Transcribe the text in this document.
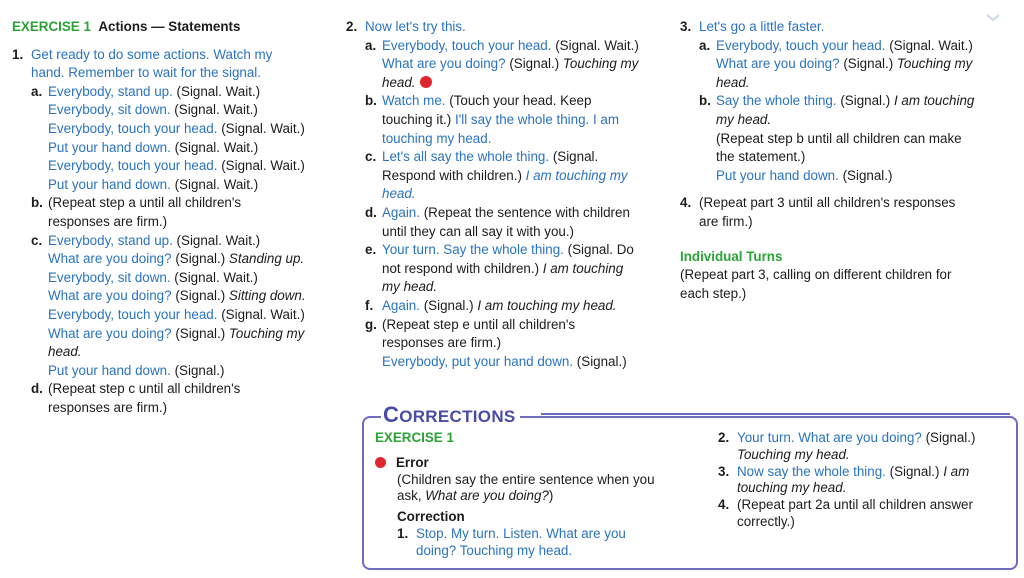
EXERCISE 1 Actions — Statements
1. Get ready to do some actions. Watch my
hand. Remember to wait for the signal.
a. Everybody, stand up. (Signal. Wait.)
Everybody, sit down. (Signal. Wait.)
Everybody, touch your head. (Signal. Wait.)
Put your hand down. (Signal. Wait.)
Everybody, touch your head. (Signal. Wait.)
Put your hand down. (Signal. Wait.)
b. (Repeat step a until all children's
responses are firm.)
c. Everybody, stand up. (Signal. Wait.)
What are you doing? (Signal.) Standing up.
Everybody, sit down. (Signal. Wait.)
What are you doing? (Signal.) Sitting down.
Everybody, touch your head. (Signal. Wait.)
What are you doing? (Signal.) Touching my
head.
Put your hand down. (Signal.)
d. (Repeat step c until all children's
responses are firm.)
2. Now let's try this.
a. Everybody, touch your head. (Signal. Wait.)
What are you doing? (Signal.) Touching my
head.
b. Watch me. (Touch your head. Keep
touching it.) I'll say the whole thing. I am
touching my head.
c. Let's all say the whole thing. (Signal.
Respond with children.) I am touching my
head.
d. Again. (Repeat the sentence with children
until they can all say it with you.)
e. Your turn. Say the whole thing. (Signal. Do
not respond with children.) I am touching
my head.
f. Again. (Signal.) I am touching my head.
g. (Repeat step e until all children's
responses are firm.)
Everybody, put your hand down. (Signal.)
3. Let's go a little faster.
a. Everybody, touch your head. (Signal. Wait.)
What are you doing? (Signal.) Touching my
head.
b. Say the whole thing. (Signal.) I am touching
my head.
(Repeat step b until all children can make
the statement.)
Put your hand down. (Signal.)
4. (Repeat part 3 until all children's responses
are firm.)
Individual Turns
(Repeat part 3, calling on different children for
each step.)
CORRECTIONS
EXERCISE 1
Error
(Children say the entire sentence when you
ask, What are you doing?)
Correction
1. Stop. My turn. Listen. What are you
doing? Touching my head.
2. Your turn. What are you doing? (Signal.)
Touching my head.
3. Now say the whole thing. (Signal.) I am
touching my head.
4. (Repeat part 2a until all children answer
correctly.)
